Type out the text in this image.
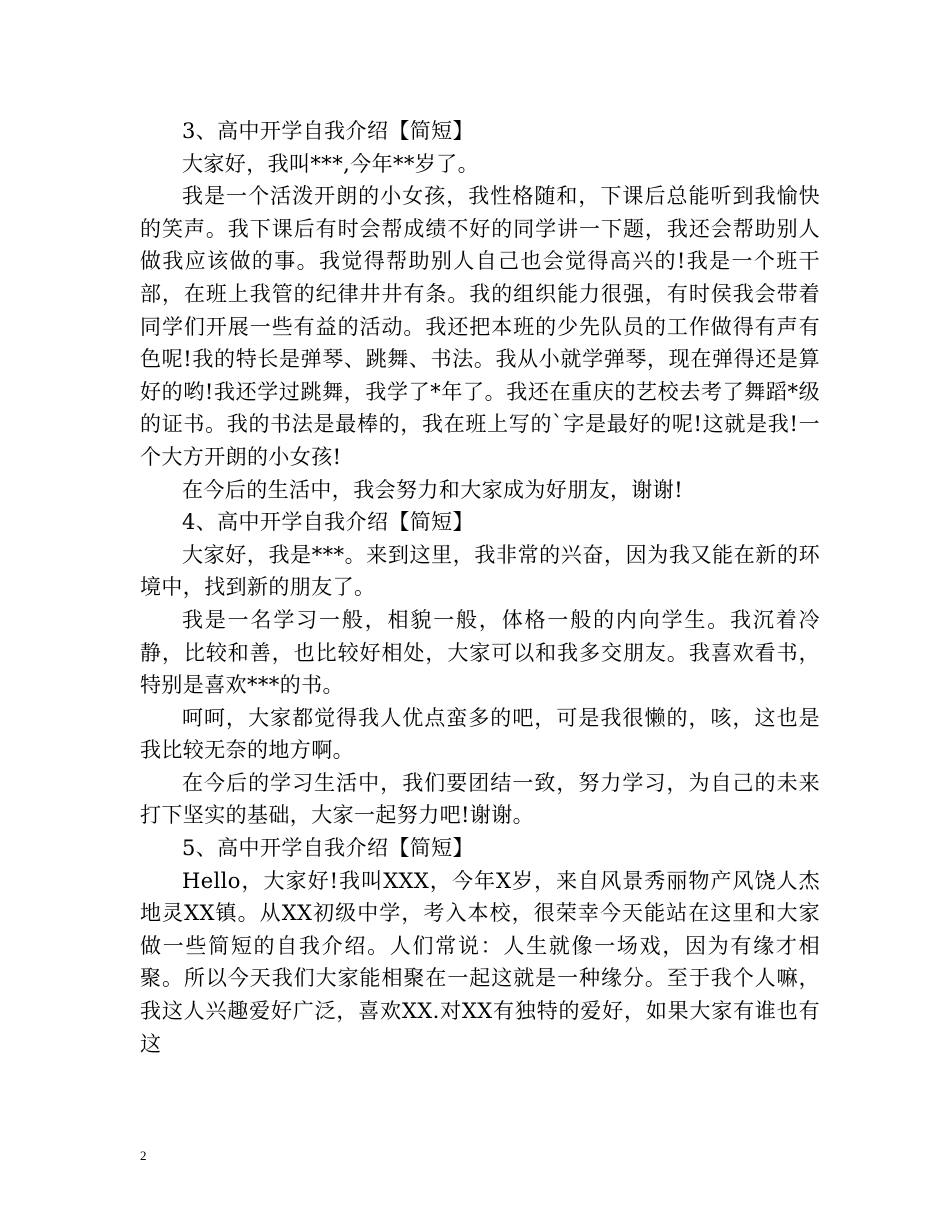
3、高中开学自我介绍【简短】

大家好，我叫***,今年**岁了。

我是一个活泼开朗的小女孩，我性格随和，下课后总能听到我愉快的笑声。我下课后有时会帮成绩不好的同学讲一下题，我还会帮助别人做我应该做的事。我觉得帮助别人自己也会觉得高兴的!我是一个班干部，在班上我管的纪律井井有条。我的组织能力很强，有时侯我会带着同学们开展一些有益的活动。我还把本班的少先队员的工作做得有声有色呢!我的特长是弹琴、跳舞、书法。我从小就学弹琴，现在弹得还是算好的哟!我还学过跳舞，我学了*年了。我还在重庆的艺校去考了舞蹈*级的证书。我的书法是最棒的，我在班上写的`字是最好的呢!这就是我!一个大方开朗的小女孩!

在今后的生活中，我会努力和大家成为好朋友，谢谢!

4、高中开学自我介绍【简短】

大家好，我是***。来到这里，我非常的兴奋，因为我又能在新的环境中，找到新的朋友了。

我是一名学习一般，相貌一般，体格一般的内向学生。我沉着冷静，比较和善，也比较好相处，大家可以和我多交朋友。我喜欢看书，特别是喜欢***的书。

呵呵，大家都觉得我人优点蛮多的吧，可是我很懒的，咳，这也是我比较无奈的地方啊。

在今后的学习生活中，我们要团结一致，努力学习，为自己的未来打下坚实的基础，大家一起努力吧!谢谢。

5、高中开学自我介绍【简短】

Hello，大家好!我叫XXX，今年X岁，来自风景秀丽物产风饶人杰地灵XX镇。从XX初级中学，考入本校，很荣幸今天能站在这里和大家做一些简短的自我介绍。人们常说：人生就像一场戏，因为有缘才相聚。所以今天我们大家能相聚在一起这就是一种缘分。至于我个人嘛，我这人兴趣爱好广泛，喜欢XX.对XX有独特的爱好，如果大家有谁也有这

2
